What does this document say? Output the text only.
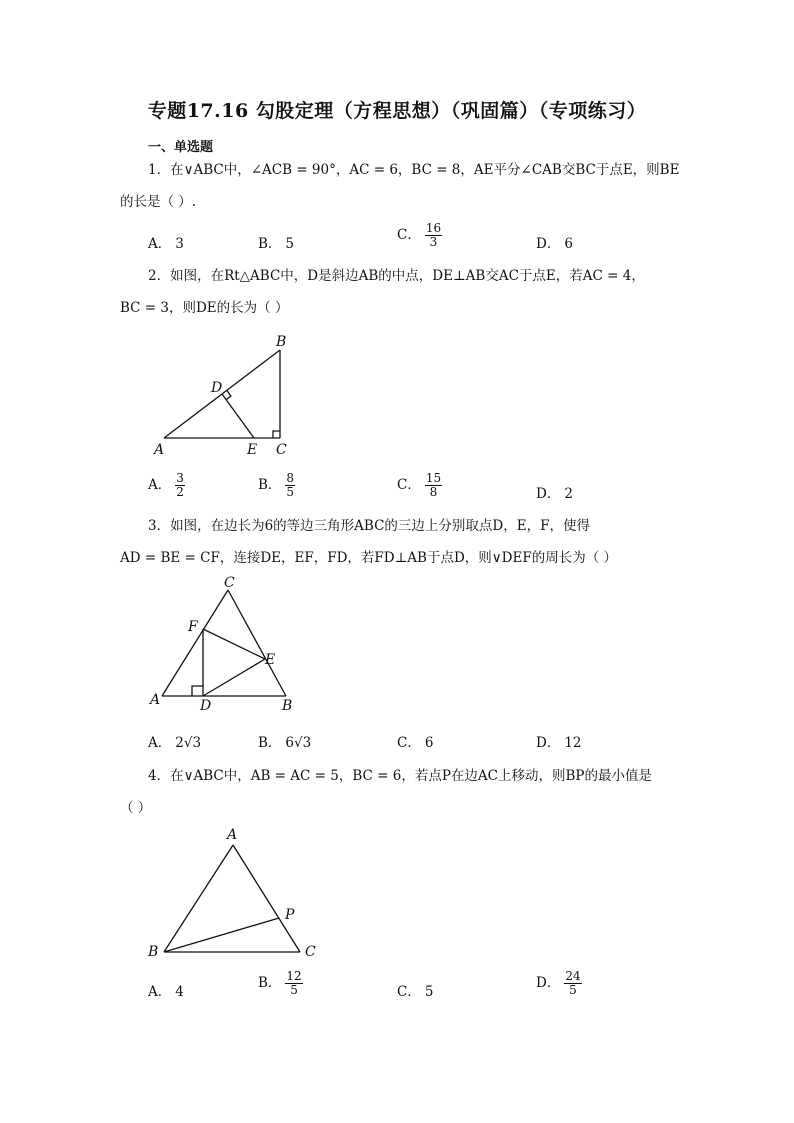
专题17.16 勾股定理（方程思想）（巩固篇）（专项练习）
一、单选题
1．在∨ABC中，∠ACB = 90°，AC = 6，BC = 8，AE平分∠CAB交BC于点E，则BE
的长是（ ）.
A． 3	B． 5
C． $\frac{16}{3}$	D． 6
2．如图，在Rt△ABC中，D是斜边AB的中点，DE⊥AB交AC于点E，若AC = 4，
BC = 3，则DE的长为（ ）
A
B
C
D
E
A． $\frac{3}{2}$	B． $\frac{8}{5}$	C． $\frac{15}{8}$	D． 2
3．如图，在边长为6的等边三角形ABC的三边上分别取点D，E，F，使得
AD = BE = CF，连接DE，EF，FD，若FD⊥AB于点D，则∨DEF的周长为（ ）
A	B
C
D
E
F
A． 2√3	B． 6√3	C． 6	D． 12
4．在∨ABC中，AB = AC = 5，BC = 6，若点P在边AC上移动，则BP的最小值是
（ ）
A
B	C
P
A． 4
B． $\frac{12}{5}$	C． 5
D． $\frac{24}{5}$
